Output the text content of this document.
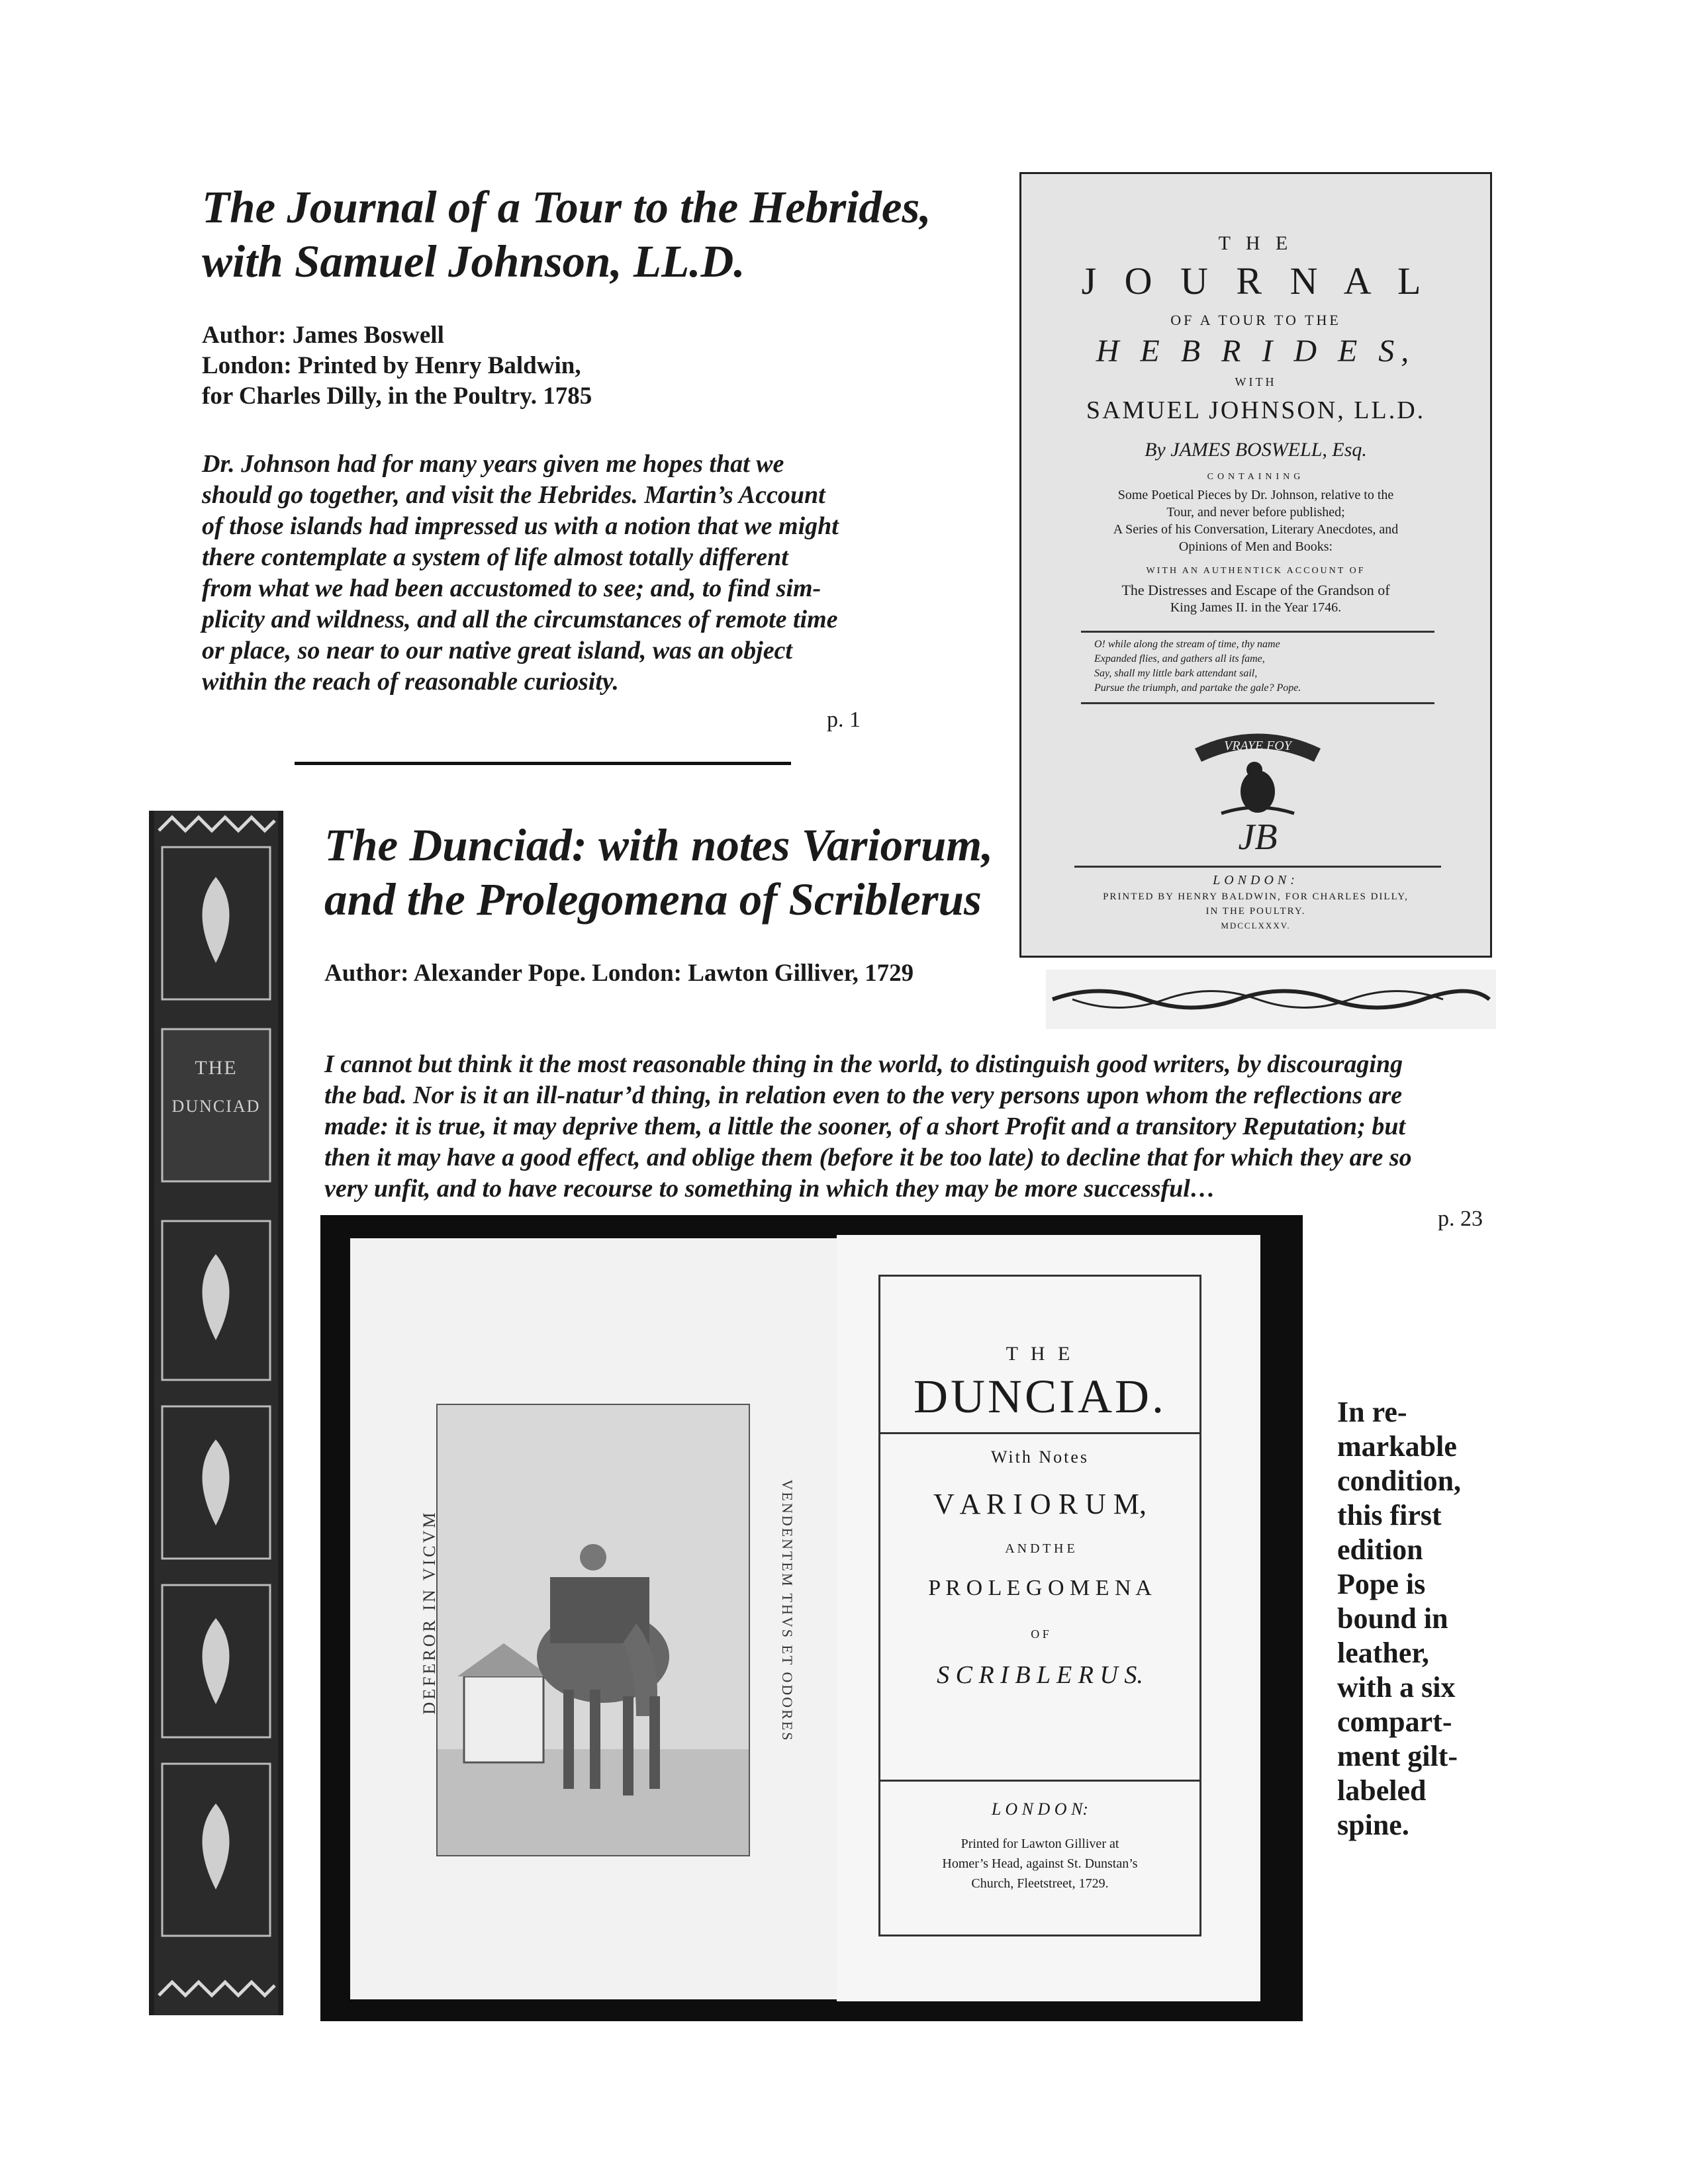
The Journal of a Tour to the Hebrides,
with Samuel Johnson, LL.D.
Author: James Boswell
London: Printed by Henry Baldwin,
for Charles Dilly, in the Poultry. 1785
Dr. Johnson had for many years given me hopes that we
should go together, and visit the Hebrides. Martin’s Account
of those islands had impressed us with a notion that we might
there contemplate a system of life almost totally different
from what we had been accustomed to see; and, to find sim-
plicity and wildness, and all the circumstances of remote time
or place, so near to our native great island, was an object
within the reach of reasonable curiosity.
p. 1
T H E
J O U R N A L
OF A TOUR TO THE
H E B R I D E S,
WITH
SAMUEL JOHNSON, LL.D.
By JAMES BOSWELL, Esq.
CONTAINING
Some Poetical Pieces by Dr. Johnson, relative to the
Tour, and never before published;
A Series of his Conversation, Literary Anecdotes, and
Opinions of Men and Books:
WITH AN AUTHENTICK ACCOUNT OF
The Distresses and Escape of the Grandson of
King James II. in the Year 1746.
O! while along the stream of time, thy name
Expanded flies, and gathers all its fame,
Say, shall my little bark attendant sail,
Pursue the triumph, and partake the gale? Pope.
VRAYE FOY
JB
LONDON:
PRINTED BY HENRY BALDWIN, FOR CHARLES DILLY,
IN THE POULTRY.
MDCCLXXXV.
The Dunciad: with notes Variorum,
and the Prolegomena of Scriblerus
Author: Alexander Pope. London: Lawton Gilliver, 1729
I cannot but think it the most reasonable thing in the world, to distinguish good writers, by discouraging
the bad. Nor is it an ill-natur’d thing, in relation even to the very persons upon whom the reflections are
made: it is true, it may deprive them, a little the sooner, of a short Profit and a transitory Reputation; but
then it may have a good effect, and oblige them (before it be too late) to decline that for which they are so
very unfit, and to have recourse to something in which they may be more successful…
p. 23
THE
DUNCIAD
DEFEROR IN VICVM	VENDENTEM THVS ET ODORES
T H E
DUNCIAD.
With Notes
V A R I O R U M,
A N D T H E
P R O L E G O M E N A
O F
S C R I B L E R U S.
L O N D O N:
Printed for Lawton Gilliver at
Homer’s Head, against St. Dunstan’s
Church, Fleetstreet, 1729.
In re-
markable
condition,
this first
edition
Pope is
bound in
leather,
with a six
compart-
ment gilt-
labeled
spine.
